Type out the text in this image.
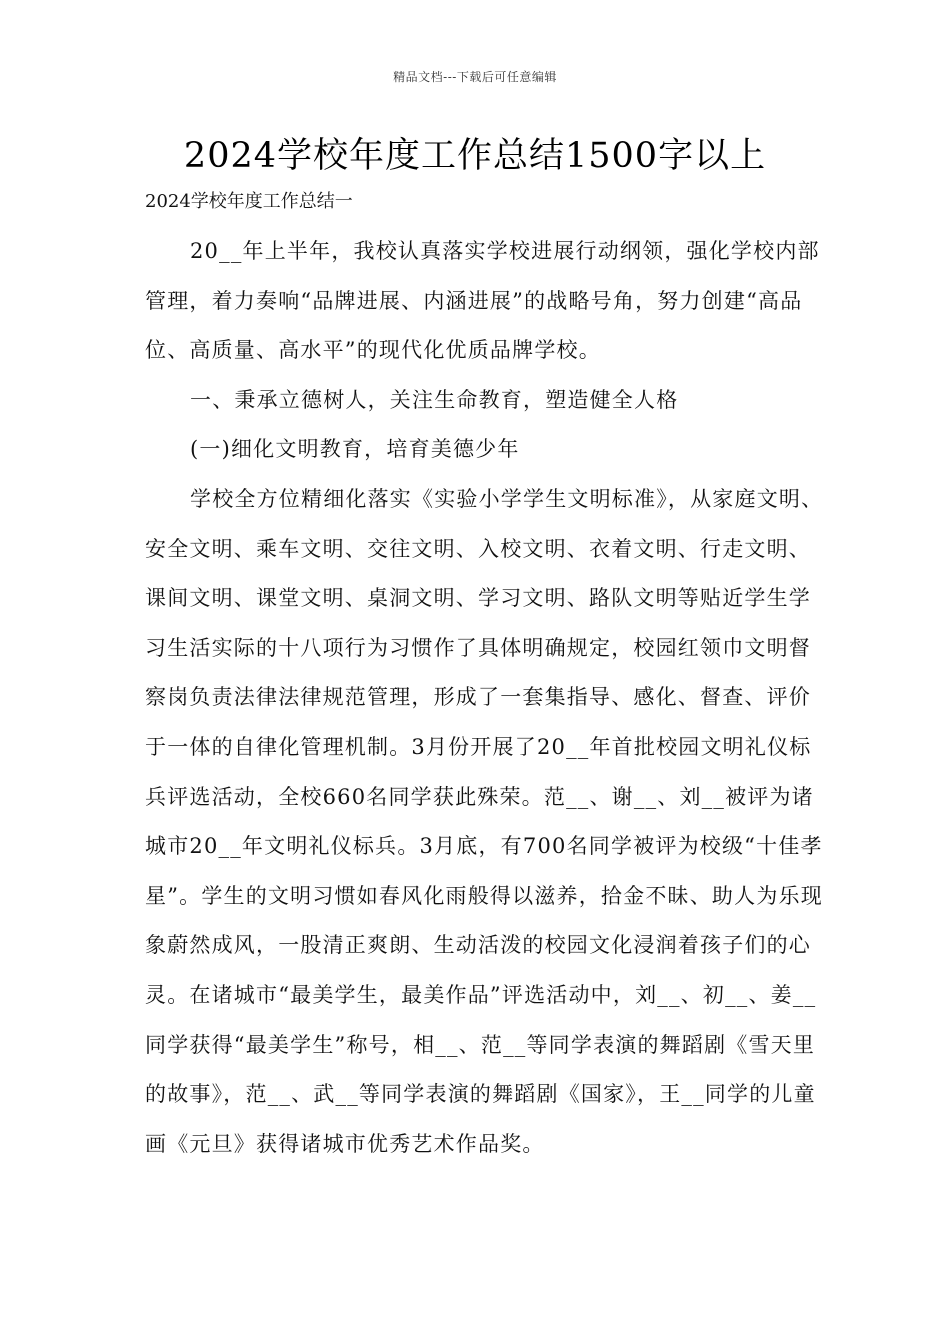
精品文档---下载后可任意编辑
2024学校年度工作总结1500字以上

2024学校年度工作总结一

20__年上半年，我校认真落实学校进展行动纲领，强化学校内部管理，着力奏响“品牌进展、内涵进展”的战略号角，努力创建“高品位、高质量、高水平”的现代化优质品牌学校。

一、秉承立德树人，关注生命教育，塑造健全人格

(一)细化文明教育，培育美德少年

学校全方位精细化落实《实验小学学生文明标准》，从家庭文明、安全文明、乘车文明、交往文明、入校文明、衣着文明、行走文明、课间文明、课堂文明、桌洞文明、学习文明、路队文明等贴近学生学习生活实际的十八项行为习惯作了具体明确规定，校园红领巾文明督察岗负责法律法律规范管理，形成了一套集指导、感化、督查、评价于一体的自律化管理机制。3月份开展了20__年首批校园文明礼仪标兵评选活动，全校660名同学获此殊荣。范__、谢__、刘__被评为诸城市20__年文明礼仪标兵。3月底，有700名同学被评为校级“十佳孝星”。学生的文明习惯如春风化雨般得以滋养，拾金不昧、助人为乐现象蔚然成风，一股清正爽朗、生动活泼的校园文化浸润着孩子们的心灵。在诸城市“最美学生，最美作品”评选活动中，刘__、初__、姜__同学获得“最美学生”称号，相__、范__等同学表演的舞蹈剧《雪天里的故事》，范__、武__等同学表演的舞蹈剧《国家》，王__同学的儿童画《元旦》获得诸城市优秀艺术作品奖。
